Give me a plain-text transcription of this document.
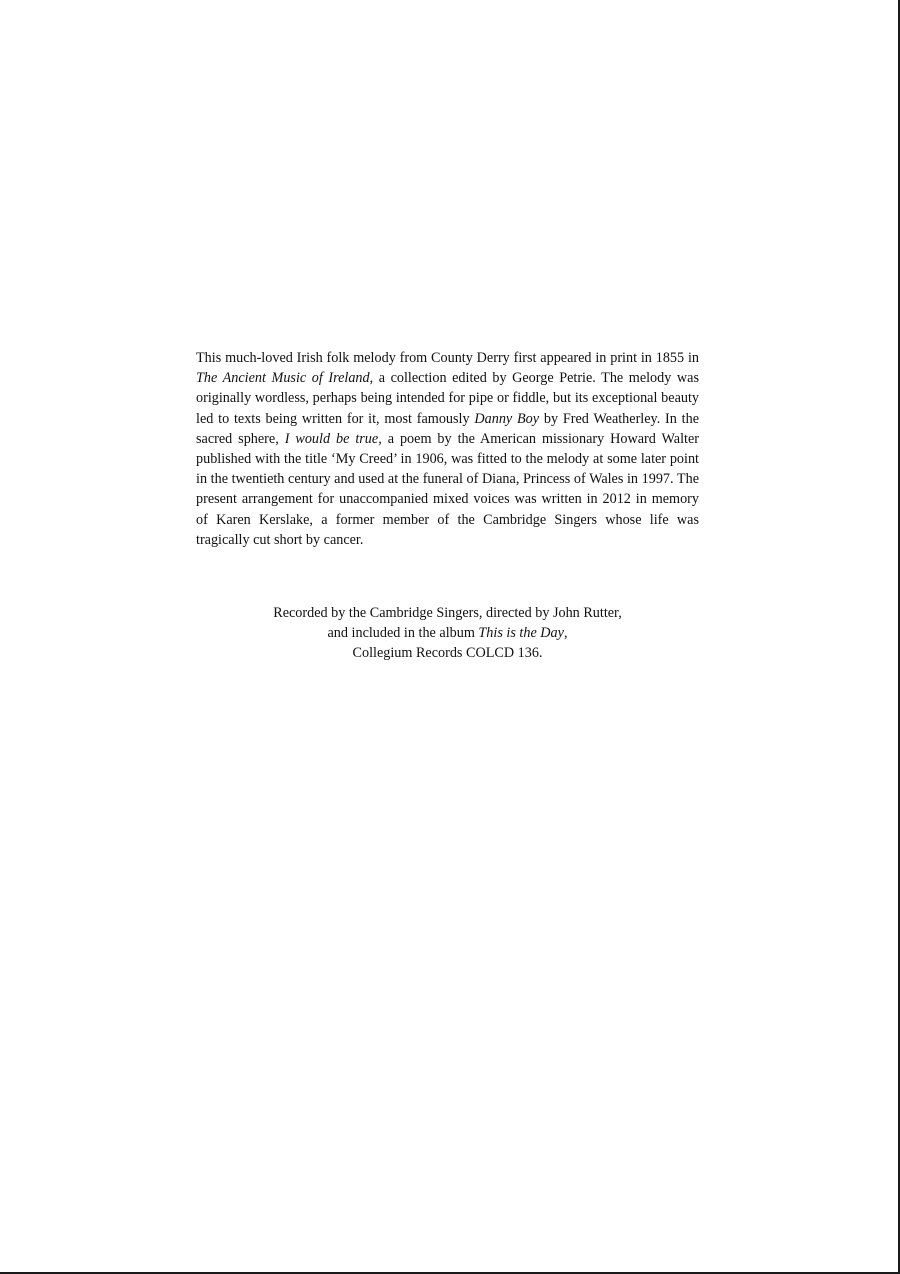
This much-loved Irish folk melody from County Derry first appeared in print in 1855 in The Ancient Music of Ireland, a collection edited by George Petrie. The melody was originally wordless, perhaps being intended for pipe or fiddle, but its exceptional beauty led to texts being written for it, most famously Danny Boy by Fred Weatherley. In the sacred sphere, I would be true, a poem by the American missionary Howard Walter published with the title ‘My Creed’ in 1906, was fitted to the melody at some later point in the twentieth century and used at the funeral of Diana, Princess of Wales in 1997. The present arrangement for unaccompanied mixed voices was written in 2012 in memory of Karen Kerslake, a former member of the Cambridge Singers whose life was tragically cut short by cancer.

Recorded by the Cambridge Singers, directed by John Rutter,
and included in the album This is the Day,
Collegium Records COLCD 136.
